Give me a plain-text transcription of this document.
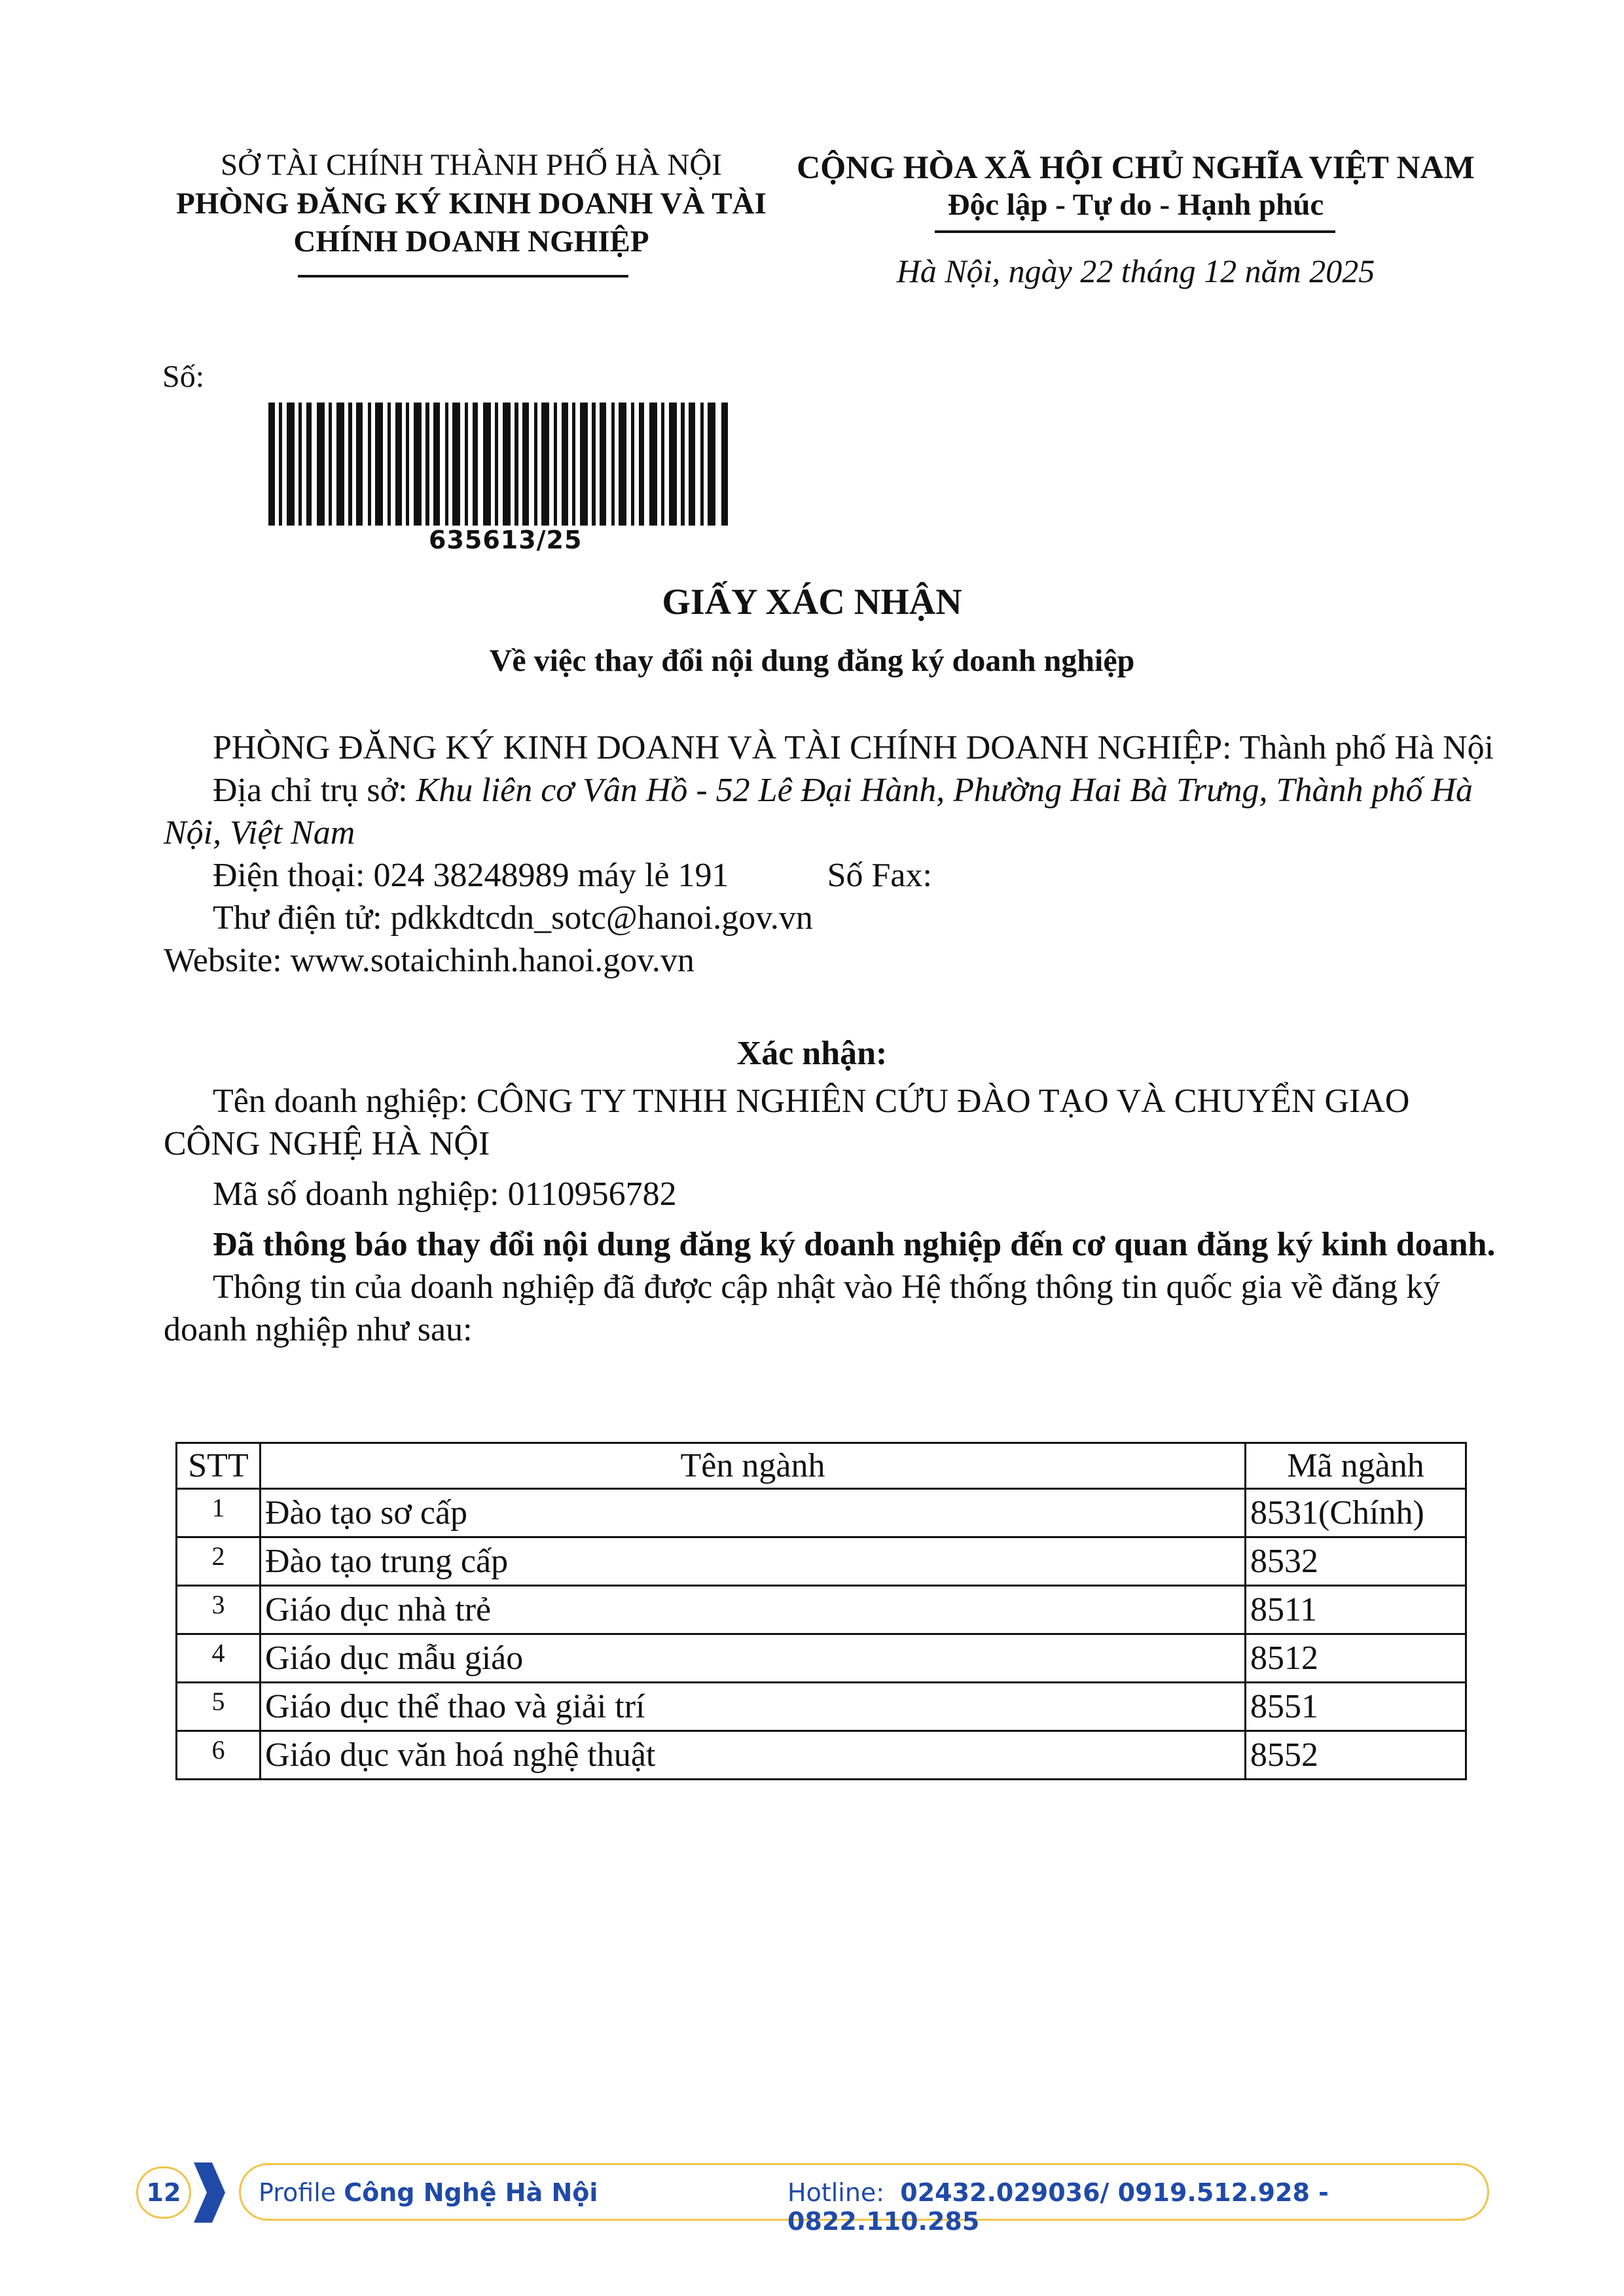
SỞ TÀI CHÍNH THÀNH PHỐ HÀ NỘI
PHÒNG ĐĂNG KÝ KINH DOANH VÀ TÀI
CHÍNH DOANH NGHIỆP
CỘNG HÒA XÃ HỘI CHỦ NGHĨA VIỆT NAM
Độc lập - Tự do - Hạnh phúc
Hà Nội, ngày 22 tháng 12 năm 2025
Số:
635613/25
GIẤY XÁC NHẬN
Về việc thay đổi nội dung đăng ký doanh nghiệp
PHÒNG ĐĂNG KÝ KINH DOANH VÀ TÀI CHÍNH DOANH NGHIỆP: Thành phố Hà Nội
Địa chỉ trụ sở: Khu liên cơ Vân Hồ - 52 Lê Đại Hành, Phường Hai Bà Trưng, Thành phố Hà Nội, Việt Nam
Điện thoại: 024 38248989 máy lẻ 191	Số Fax:
Thư điện tử: pdkkdtcdn_sotc@hanoi.gov.vn
Website: www.sotaichinh.hanoi.gov.vn
Xác nhận:
Tên doanh nghiệp: CÔNG TY TNHH NGHIÊN CỨU ĐÀO TẠO VÀ CHUYỂN GIAO CÔNG NGHỆ HÀ NỘI
Mã số doanh nghiệp: 0110956782
Đã thông báo thay đổi nội dung đăng ký doanh nghiệp đến cơ quan đăng ký kinh doanh.
Thông tin của doanh nghiệp đã được cập nhật vào Hệ thống thông tin quốc gia về đăng ký doanh nghiệp như sau:
STT	Tên ngành	Mã ngành
1	Đào tạo sơ cấp	8531(Chính)
2	Đào tạo trung cấp	8532
3	Giáo dục nhà trẻ	8511
4	Giáo dục mẫu giáo	8512
5	Giáo dục thể thao và giải trí	8551
6	Giáo dục văn hoá nghệ thuật	8552
12	Profile Công Nghệ Hà Nội	Hotline: 02432.029036/ 0919.512.928 - 0822.110.285
